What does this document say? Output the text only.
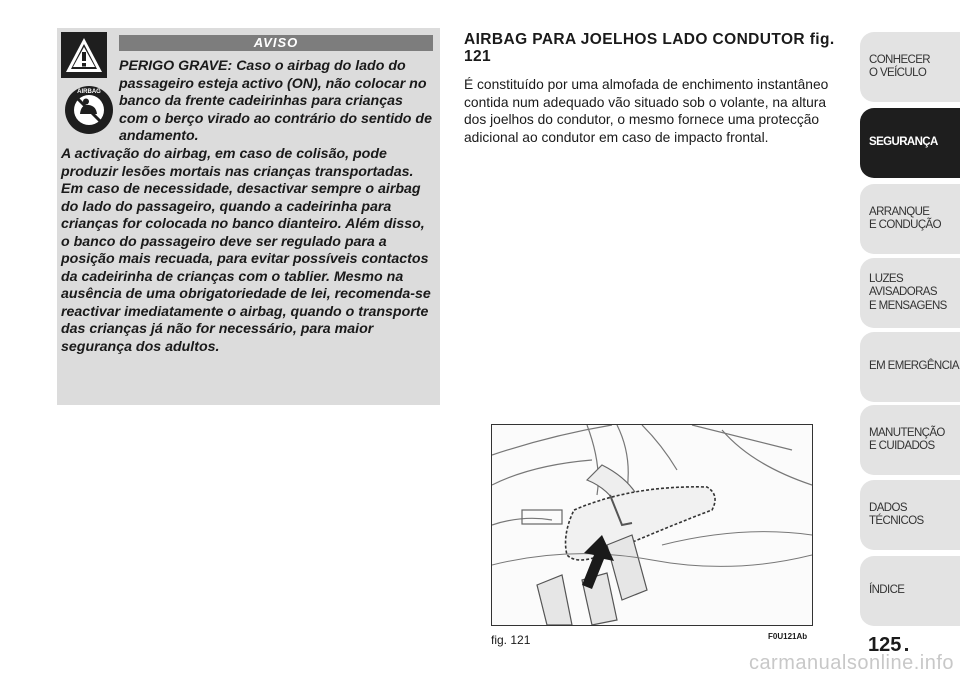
AIRBAG
AVISO
PERIGO GRAVE: Caso o airbag do lado do passageiro esteja activo (ON), não colocar no banco da frente cadeirinhas para crianças com o berço virado ao contrário do sentido de andamento.
A activação do airbag, em caso de colisão, pode produzir lesões mortais nas crianças transportadas. Em caso de necessidade, desactivar sempre o airbag do lado do passageiro, quando a cadeirinha para crianças for colocada no banco dianteiro. Além disso, o banco do passageiro deve ser regulado para a posição mais recuada, para evitar possíveis contactos da cadeirinha de crianças com o tablier. Mesmo na ausência de uma obrigatoriedade de lei, recomenda-se reactivar imediatamente o airbag, quando o transporte das crianças já não for necessário, para maior segurança dos adultos.
AIRBAG PARA JOELHOS LADO CONDUTOR fig. 121
É constituído por uma almofada de enchimento instantâneo contida num adequado vão situado sob o volante, na altura dos joelhos do condutor, o mesmo fornece uma protecção adicional ao condutor em caso de impacto frontal.
fig. 121	F0U121Ab
CONHECER
O VEÍCULO
SEGURANÇA
ARRANQUE
E CONDUÇÃO
LUZES
AVISADORAS
E MENSAGENS
EM EMERGÊNCIA
MANUTENÇÃO
E CUIDADOS
DADOS
TÉCNICOS
ÍNDICE
125
carmanualsonline.info
